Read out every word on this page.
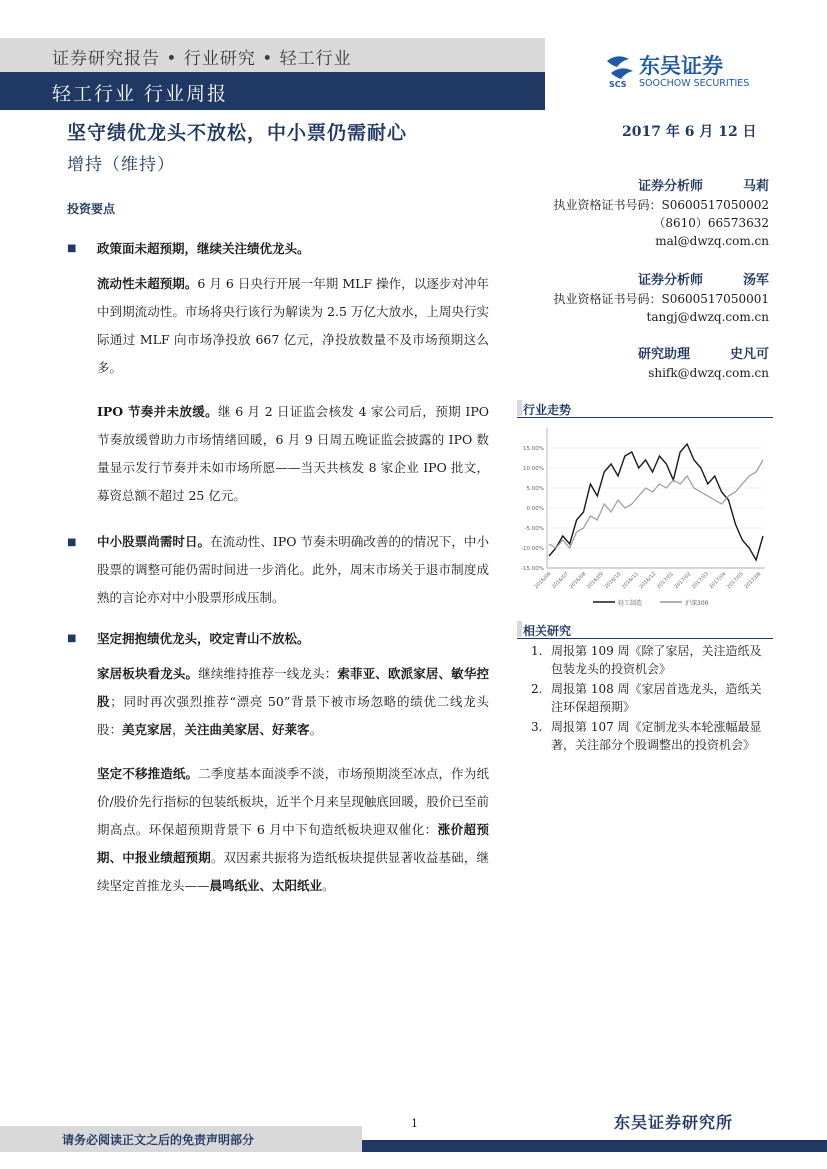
证券研究报告 • 行业研究 • 轻工行业
轻工行业 行业周报	SCS
东吴证券
SOOCHOW SECURITIES
坚守绩优龙头不放松，中小票仍需耐心
增持（维持）
2017 年 6 月 12 日
投资要点
■ 政策面未超预期，继续关注绩优龙头。
流动性未超预期。6 月 6 日央行开展一年期 MLF 操作，以逐步对冲年中到期流动性。市场将央行该行为解读为 2.5 万亿大放水，上周央行实际通过 MLF 向市场净投放 667 亿元，净投放数量不及市场预期这么多。
IPO 节奏并未放缓。继 6 月 2 日证监会核发 4 家公司后，预期 IPO 节奏放缓曾助力市场情绪回暖，6 月 9 日周五晚证监会披露的 IPO 数量显示发行节奏并未如市场所愿——当天共核发 8 家企业 IPO 批文，募资总额不超过 25 亿元。
■ 中小股票尚需时日。在流动性、IPO 节奏未明确改善的的情况下，中小股票的调整可能仍需时间进一步消化。此外，周末市场关于退市制度成熟的言论亦对中小股票形成压制。
■ 坚定拥抱绩优龙头，咬定青山不放松。
家居板块看龙头。继续维持推荐一线龙头：索菲亚、欧派家居、敏华控股；同时再次强烈推荐“漂亮 50”背景下被市场忽略的绩优二线龙头股：美克家居，关注曲美家居、好莱客。
坚定不移推造纸。二季度基本面淡季不淡，市场预期淡至冰点，作为纸价/股价先行指标的包装纸板块，近半个月来呈现触底回暖，股价已至前期高点。环保超预期背景下 6 月中下旬造纸板块迎双催化：涨价超预期、中报业绩超预期。双因素共振将为造纸板块提供显著收益基础，继续坚定首推龙头——晨鸣纸业、太阳纸业。
证券分析师	马莉
执业资格证书号码：S0600517050002
（8610）66573632
mal@dwzq.com.cn
证券分析师	汤军
执业资格证书号码：S0600517050001
tangj@dwzq.com.cn
研究助理	史凡可
shifk@dwzq.com.cn
行业走势
15.00%
10.00%
5.00%
0.00%
-5.00%
-10.00%
-15.00%
2016/06
2016/07
2016/08
2016/09
2016/10
2016/11
2016/12
2017/01
2017/02
2017/03
2017/04
2017/05
2017/06
轻工制造	沪深300
相关研究
1. 周报第 109 周《除了家居，关注造纸及包装龙头的投资机会》
2. 周报第 108 周《家居首选龙头，造纸关注环保超预期》
3. 周报第 107 周《定制龙头本轮涨幅最显著，关注部分个股调整出的投资机会》
1	东吴证券研究所
请务必阅读正文之后的免责声明部分
